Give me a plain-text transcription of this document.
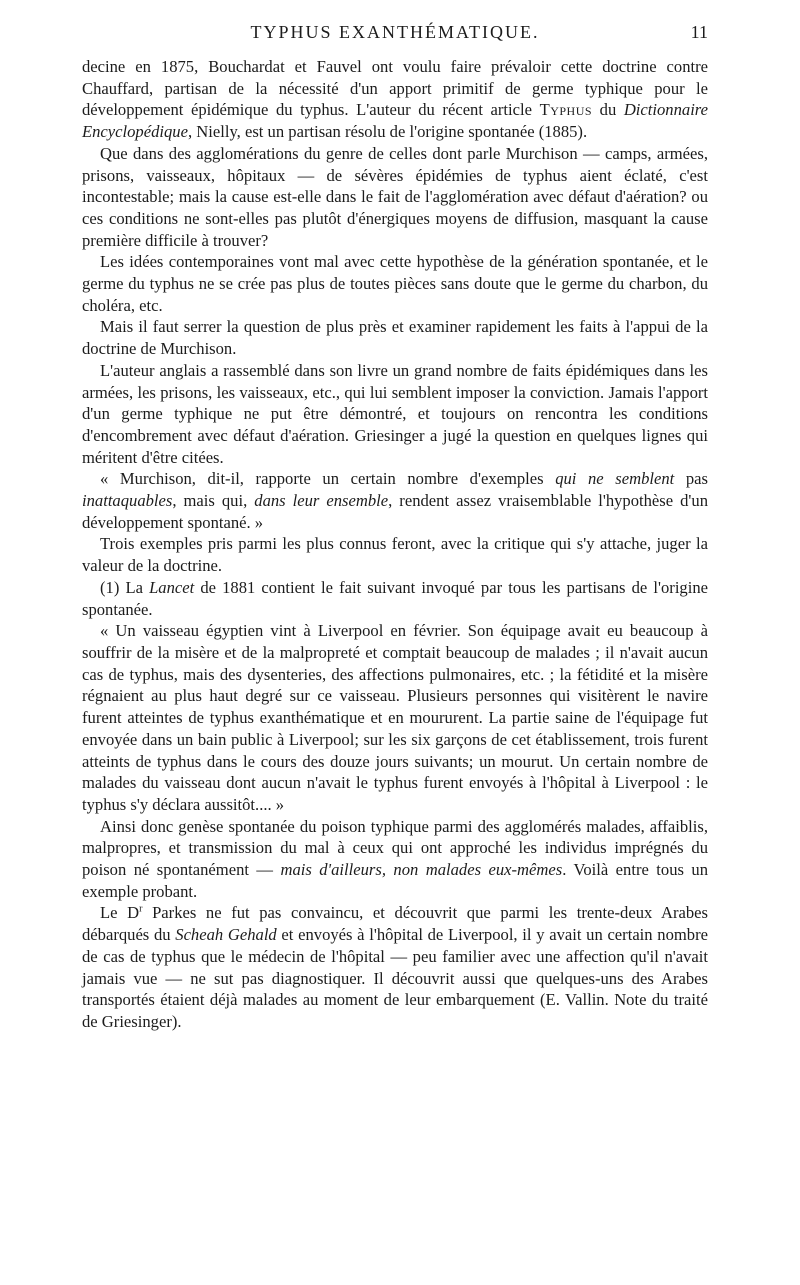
TYPHUS EXANTHÉMATIQUE.	11

decine en 1875, Bouchardat et Fauvel ont voulu faire prévaloir cette doctrine contre Chauffard, partisan de la nécessité d'un apport primitif de germe typhique pour le développement épidémique du typhus. L'auteur du récent article Typhus du Dictionnaire Encyclopédique, Nielly, est un partisan résolu de l'origine spontanée (1885).

Que dans des agglomérations du genre de celles dont parle Murchison — camps, armées, prisons, vaisseaux, hôpitaux — de sévères épidémies de typhus aient éclaté, c'est incontestable; mais la cause est-elle dans le fait de l'agglomération avec défaut d'aération? ou ces conditions ne sont-elles pas plutôt d'énergiques moyens de diffusion, masquant la cause première difficile à trouver?

Les idées contemporaines vont mal avec cette hypothèse de la génération spontanée, et le germe du typhus ne se crée pas plus de toutes pièces sans doute que le germe du charbon, du choléra, etc.

Mais il faut serrer la question de plus près et examiner rapidement les faits à l'appui de la doctrine de Murchison.

L'auteur anglais a rassemblé dans son livre un grand nombre de faits épidémiques dans les armées, les prisons, les vaisseaux, etc., qui lui semblent imposer la conviction. Jamais l'apport d'un germe typhique ne put être démontré, et toujours on rencontra les conditions d'encombrement avec défaut d'aération. Griesinger a jugé la question en quelques lignes qui méritent d'être citées.

« Murchison, dit-il, rapporte un certain nombre d'exemples qui ne semblent pas inattaquables, mais qui, dans leur ensemble, rendent assez vraisemblable l'hypothèse d'un développement spontané. »

Trois exemples pris parmi les plus connus feront, avec la critique qui s'y attache, juger la valeur de la doctrine.

(1) La Lancet de 1881 contient le fait suivant invoqué par tous les partisans de l'origine spontanée.

« Un vaisseau égyptien vint à Liverpool en février. Son équipage avait eu beaucoup à souffrir de la misère et de la malpropreté et comptait beaucoup de malades ; il n'avait aucun cas de typhus, mais des dysenteries, des affections pulmonaires, etc. ; la fétidité et la misère régnaient au plus haut degré sur ce vaisseau. Plusieurs personnes qui visitèrent le navire furent atteintes de typhus exanthématique et en moururent. La partie saine de l'équipage fut envoyée dans un bain public à Liverpool; sur les six garçons de cet établissement, trois furent atteints de typhus dans le cours des douze jours suivants; un mourut. Un certain nombre de malades du vaisseau dont aucun n'avait le typhus furent envoyés à l'hôpital à Liverpool : le typhus s'y déclara aussitôt.... »

Ainsi donc genèse spontanée du poison typhique parmi des agglomérés malades, affaiblis, malpropres, et transmission du mal à ceux qui ont approché les individus imprégnés du poison né spontanément — mais d'ailleurs, non malades eux-mêmes. Voilà entre tous un exemple probant.

Le $D^r$ Parkes ne fut pas convaincu, et découvrit que parmi les trente-deux Arabes débarqués du Scheah Gehald et envoyés à l'hôpital de Liverpool, il y avait un certain nombre de cas de typhus que le médecin de l'hôpital — peu familier avec une affection qu'il n'avait jamais vue — ne sut pas diagnostiquer. Il découvrit aussi que quelques-uns des Arabes transportés étaient déjà malades au moment de leur embarquement (E. Vallin. Note du traité de Griesinger).
